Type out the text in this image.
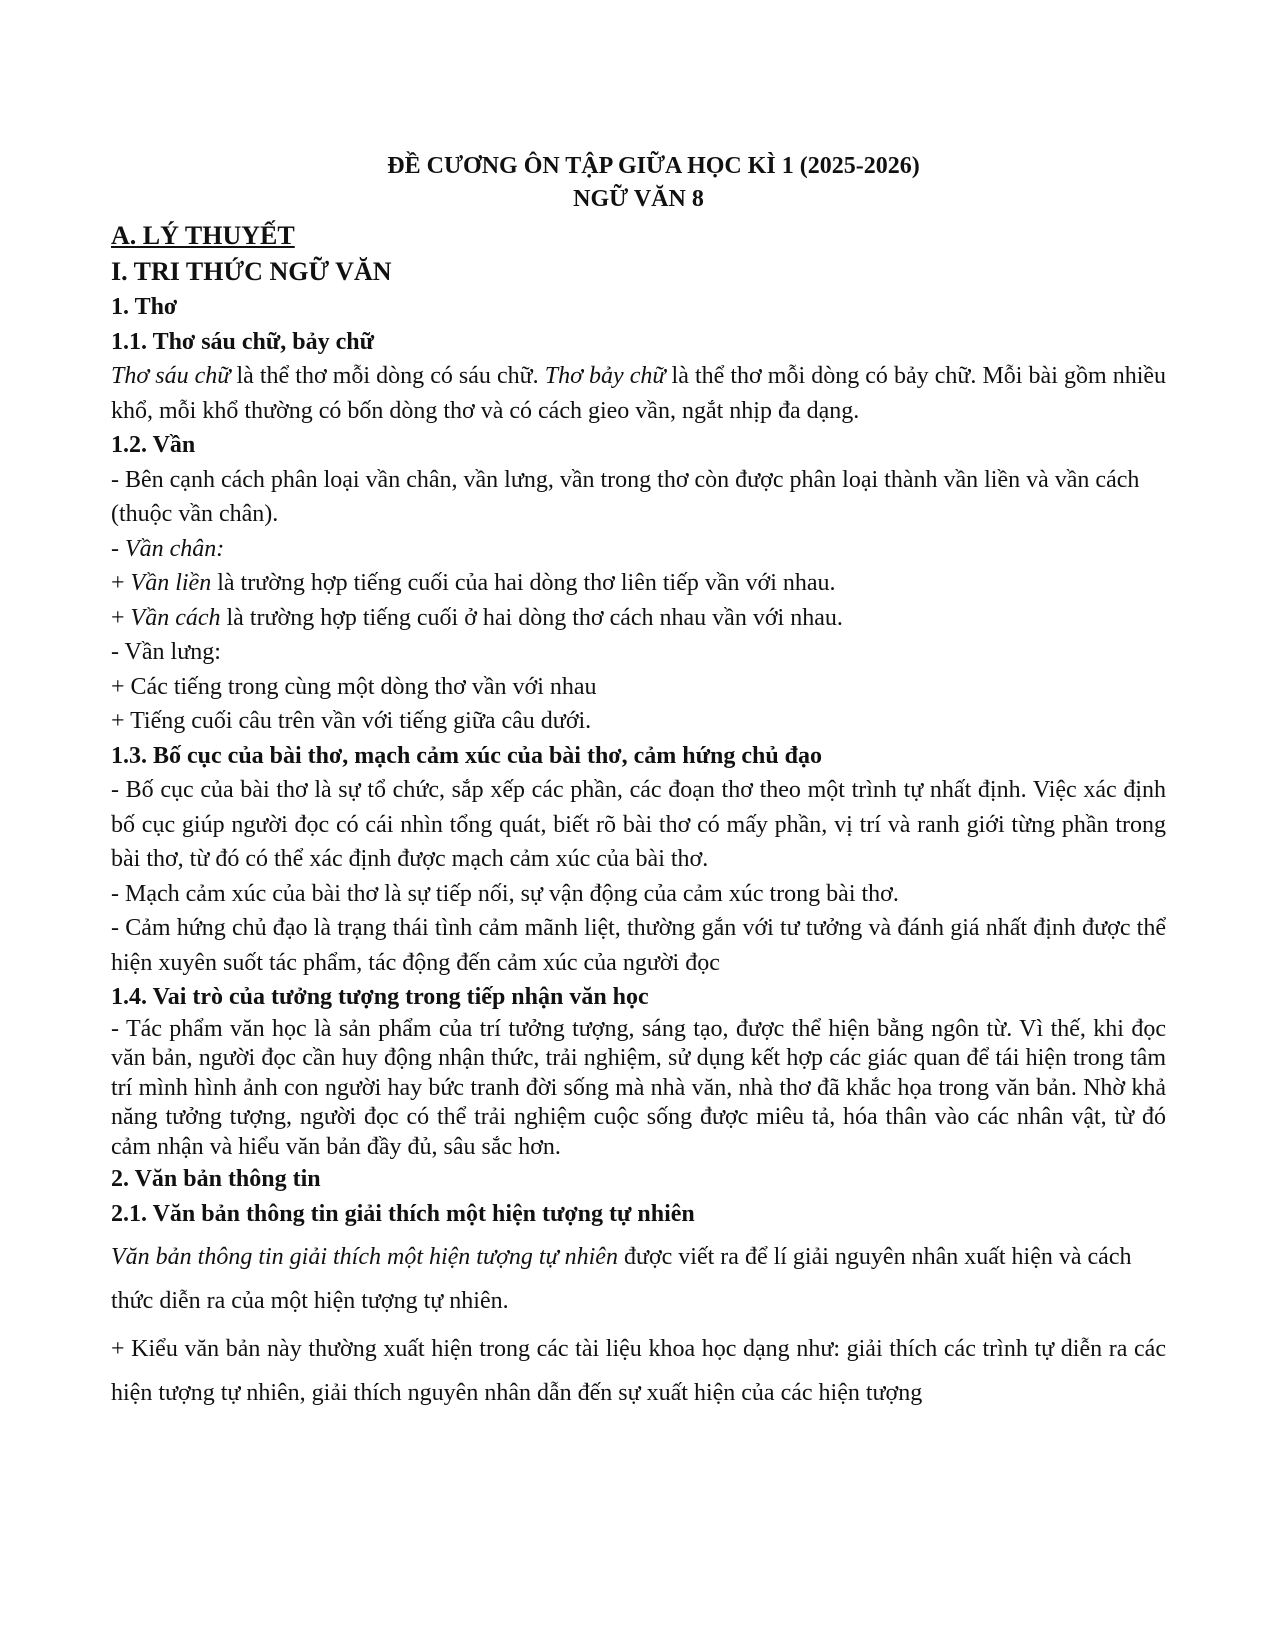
ĐỀ CƯƠNG ÔN TẬP GIỮA HỌC KÌ 1 (2025-2026)
NGỮ VĂN 8
A. LÝ THUYẾT
I. TRI THỨC NGỮ VĂN
1. Thơ
1.1. Thơ sáu chữ, bảy chữ

Thơ sáu chữ là thể thơ mỗi dòng có sáu chữ. Thơ bảy chữ là thể thơ mỗi dòng có bảy chữ. Mỗi bài gồm nhiều khổ, mỗi khổ thường có bốn dòng thơ và có cách gieo vần, ngắt nhịp đa dạng.

1.2. Vần

- Bên cạnh cách phân loại vần chân, vần lưng, vần trong thơ còn được phân loại thành vần liền và vần cách (thuộc vần chân).

- Vần chân:

+ Vần liền là trường hợp tiếng cuối của hai dòng thơ liên tiếp vần với nhau.

+ Vần cách là trường hợp tiếng cuối ở hai dòng thơ cách nhau vần với nhau.

- Vần lưng:

+ Các tiếng trong cùng một dòng thơ vần với nhau

+ Tiếng cuối câu trên vần với tiếng giữa câu dưới.

1.3. Bố cục của bài thơ, mạch cảm xúc của bài thơ, cảm hứng chủ đạo

- Bố cục của bài thơ là sự tổ chức, sắp xếp các phần, các đoạn thơ theo một trình tự nhất định. Việc xác định bố cục giúp người đọc có cái nhìn tổng quát, biết rõ bài thơ có mấy phần, vị trí và ranh giới từng phần trong bài thơ, từ đó có thể xác định được mạch cảm xúc của bài thơ.

- Mạch cảm xúc của bài thơ là sự tiếp nối, sự vận động của cảm xúc trong bài thơ.

- Cảm hứng chủ đạo là trạng thái tình cảm mãnh liệt, thường gắn với tư tưởng và đánh giá nhất định được thể hiện xuyên suốt tác phẩm, tác động đến cảm xúc của người đọc

1.4. Vai trò của tưởng tượng trong tiếp nhận văn học

- Tác phẩm văn học là sản phẩm của trí tưởng tượng, sáng tạo, được thể hiện bằng ngôn từ. Vì thế, khi đọc văn bản, người đọc cần huy động nhận thức, trải nghiệm, sử dụng kết hợp các giác quan để tái hiện trong tâm trí mình hình ảnh con người hay bức tranh đời sống mà nhà văn, nhà thơ đã khắc họa trong văn bản. Nhờ khả năng tưởng tượng, người đọc có thể trải nghiệm cuộc sống được miêu tả, hóa thân vào các nhân vật, từ đó cảm nhận và hiểu văn bản đầy đủ, sâu sắc hơn.

2. Văn bản thông tin
2.1. Văn bản thông tin giải thích một hiện tượng tự nhiên

Văn bản thông tin giải thích một hiện tượng tự nhiên được viết ra để lí giải nguyên nhân xuất hiện và cách thức diễn ra của một hiện tượng tự nhiên.

+ Kiểu văn bản này thường xuất hiện trong các tài liệu khoa học dạng như: giải thích các trình tự diễn ra các hiện tượng tự nhiên, giải thích nguyên nhân dẫn đến sự xuất hiện của các hiện tượng
